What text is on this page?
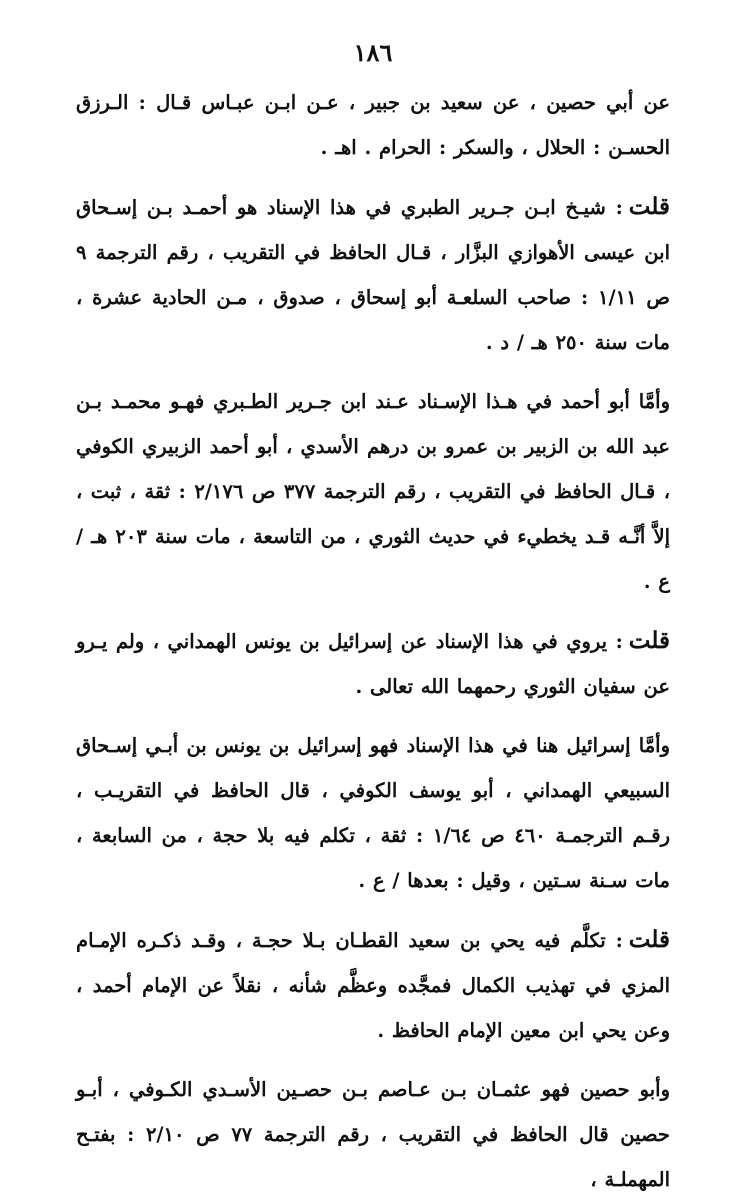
١٨٦

عن أبي حصين ، عن سعيد بن جبير ، عـن ابـن عبـاس قـال : الـرزق الحسـن : الحلال ، والسكر : الحرام . اهـ .

قلت: شيـخ ابـن جـرير الطبري في هذا الإسناد هو أحمـد بـن إسـحاق ابن عيسى الأهوازي البزَّار ، قـال الحافظ في التقريب ، رقم الترجمة ٩ ص ١/١١ : صاحب السلعـة أبو إسحاق ، صدوق ، مـن الحادية عشرة ، مات سنة ٢٥٠ هـ / د .

وأمَّا أبو أحمد في هـذا الإسـناد عـند ابن جـرير الطـبري فهـو محمـد بـن عبد الله بن الزبير بن عمرو بن درهم الأسدي ، أبو أحمد الزبيري الكوفي ، قـال الحافظ في التقريب ، رقم الترجمة ٣٧٧ ص ٢/١٧٦ : ثقة ، ثبت ، إلاَّ أنَّـه قـد يخطيء في حديث الثوري ، من التاسعة ، مات سنة ٢٠٣ هـ / ع .

قلت: يروي في هذا الإسناد عن إسرائيل بن يونس الهمداني ، ولم يـرو عن سفيان الثوري رحمهما الله تعالى .

وأمَّا إسرائيل هنا في هذا الإسناد فهو إسرائيل بن يونس بن أبـي إسـحاق السبيعي الهمداني ، أبو يوسف الكوفي ، قال الحافظ في التقريـب ، رقـم الترجمـة ٤٦٠ ص ١/٦٤ : ثقة ، تكلم فيه بلا حجة ، من السابعة ، مات سـنة سـتين ، وقيل : بعدها / ع .

قلت: تكلَّم فيه يحي بن سعيد القطـان بـلا حجـة ، وقـد ذكـره الإمـام المزي في تهذيب الكمال فمجَّده وعظَّم شأنه ، نقلاً عن الإمام أحمد ، وعن يحي ابن معين الإمام الحافظ .

وأبو حصين فهو عثمـان بـن عـاصم بـن حصـين الأسـدي الكـوفي ، أبـو حصين قال الحافظ في التقريب ، رقم الترجمة ٧٧ ص ٢/١٠ : بفتـح المهملـة ،
